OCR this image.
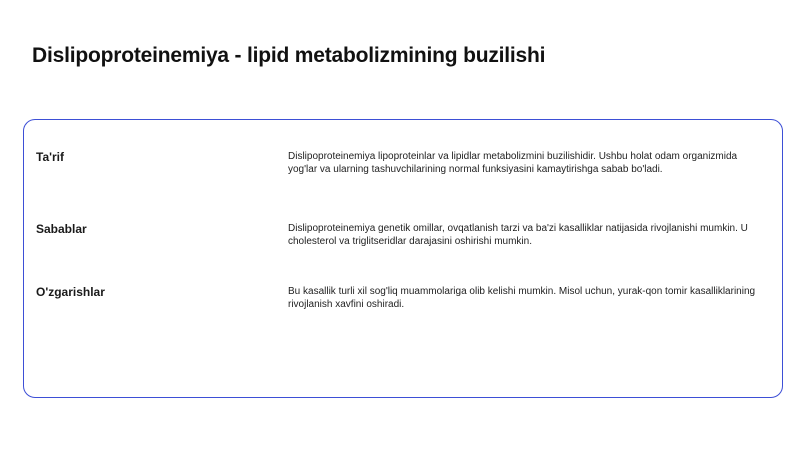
Dislipoproteinemiya - lipid metabolizmining buzilishi
Ta'rif	Dislipoproteinemiya lipoproteinlar va lipidlar metabolizmini buzilishidir. Ushbu holat odam organizmida yog'lar va ularning tashuvchilarining normal funksiyasini kamaytirishga sabab bo'ladi.
Sabablar	Dislipoproteinemiya genetik omillar, ovqatlanish tarzi va ba'zi kasalliklar natijasida rivojlanishi mumkin. U cholesterol va triglitseridlar darajasini oshirishi mumkin.
O'zgarishlar	Bu kasallik turli xil sog'liq muammolariga olib kelishi mumkin. Misol uchun, yurak-qon tomir kasalliklarining rivojlanish xavfini oshiradi.
